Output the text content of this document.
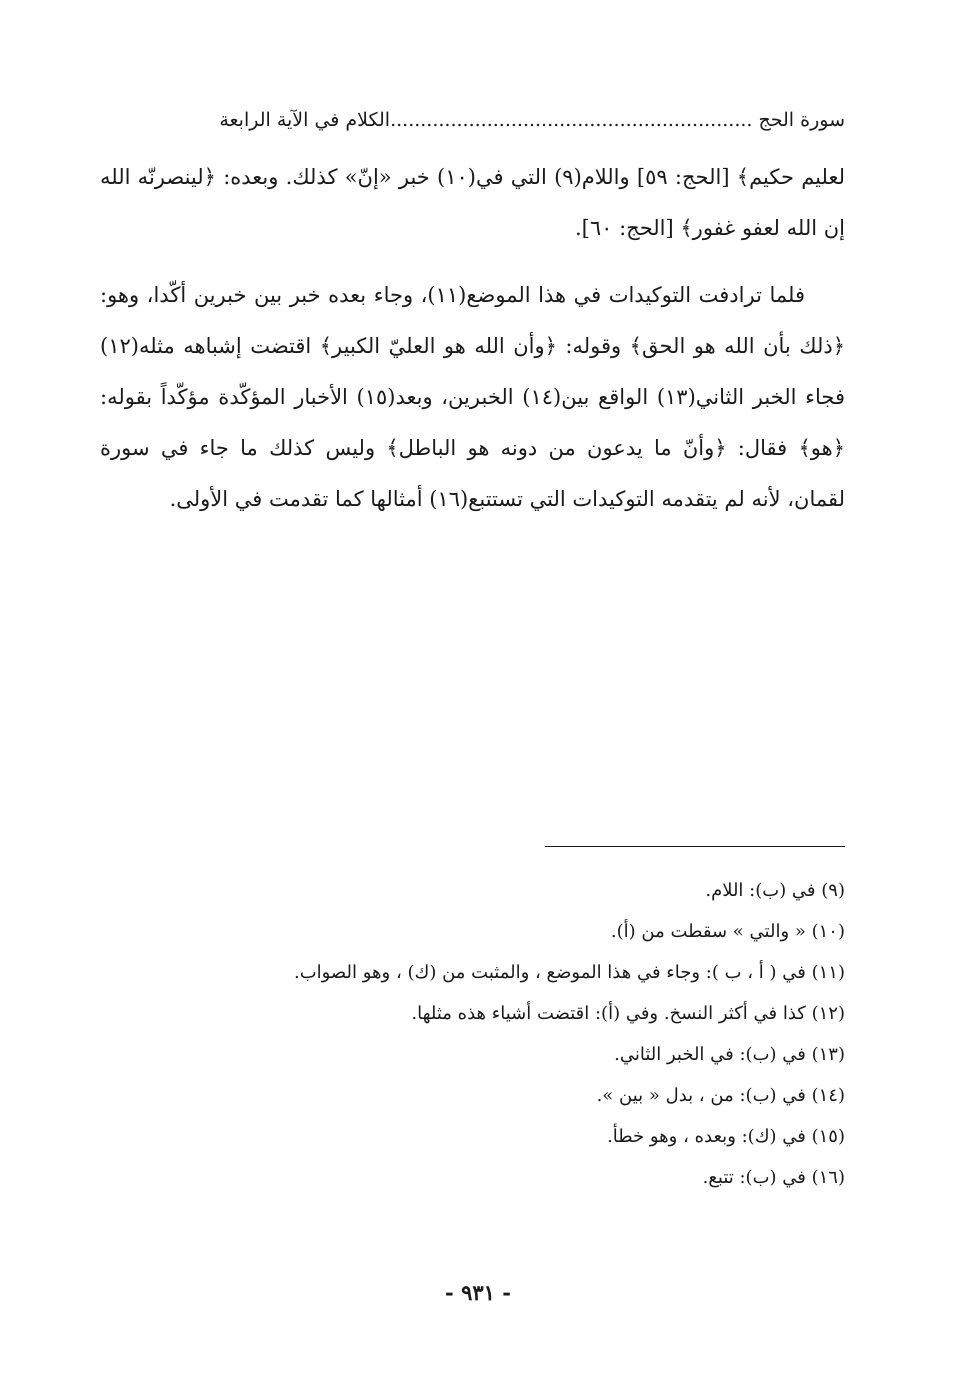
سورة الحج ............................................................الكلام في الآية الرابعة

لعليم حكيم﴾ [الحج: ٥٩] واللام(٩) التي في(١٠) خبر «إنّ» كذلك. وبعده: ﴿لينصرنّه الله إن الله لعفو غفور﴾ [الحج: ٦٠].

فلما ترادفت التوكيدات في هذا الموضع(١١)، وجاء بعده خبر بين خبرين أكّدا، وهو: ﴿ذلك بأن الله هو الحق﴾ وقوله: ﴿وأن الله هو العليّ الكبير﴾ اقتضت إشباهه مثله(١٢) فجاء الخبر الثاني(١٣) الواقع بين(١٤) الخبرين، وبعد(١٥) الأخبار المؤكّدة مؤكّداً بقوله: ﴿هو﴾ فقال: ﴿وأنّ ما يدعون من دونه هو الباطل﴾ وليس كذلك ما جاء في سورة لقمان، لأنه لم يتقدمه التوكيدات التي تستتبع(١٦) أمثالها كما تقدمت في الأولى.

(٩) في (ب): اللام.
(١٠) « والتي » سقطت من (أ).
(١١) في ( أ ، ب ): وجاء في هذا الموضع ، والمثبت من (ك) ، وهو الصواب.
(١٢) كذا في أكثر النسخ. وفي (أ): اقتضت أشياء هذه مثلها.
(١٣) في (ب): في الخبر الثاني.
(١٤) في (ب): من ، بدل « بين ».
(١٥) في (ك): وبعده ، وهو خطأ.
(١٦) في (ب): تتبع.
- ٩٣١ -
